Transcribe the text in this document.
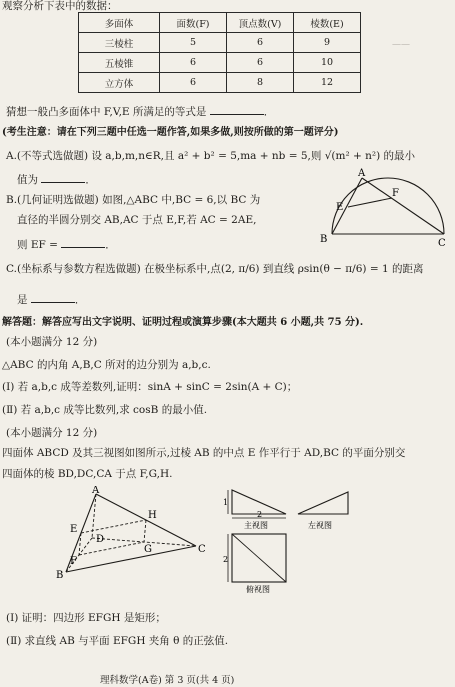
——
观察分析下表中的数据：
多面体	面数(F)	顶点数(V)	棱数(E)
三棱柱	5	6	9
五棱锥	6	6	10
立方体	6	8	12
猜想一般凸多面体中 F,V,E 所满足的等式是	．
(考生注意：请在下列三题中任选一题作答,如果多做,则按所做的第一题评分)
A.(不等式选做题) 设 a,b,m,n∈R,且 a² + b² = 5,ma + nb = 5,则 √(m² + n²) 的最小
值为	．
B.(几何证明选做题) 如图,△ABC 中,BC = 6,以 BC 为
直径的半圆分别交 AB,AC 于点 E,F,若 AC = 2AE,
则 EF =	．
A
B	C
E
F
C.(坐标系与参数方程选做题) 在极坐标系中,点(2, π/6) 到直线 ρsin(θ − π/6) = 1 的距离
是	．
解答题：解答应写出文字说明、证明过程或演算步骤(本大题共 6 小题,共 75 分).
(本小题满分 12 分)
△ABC 的内角 A,B,C 所对的边分别为 a,b,c.
(Ⅰ) 若 a,b,c 成等差数列,证明：sinA + sinC = 2sin(A + C)；
(Ⅱ) 若 a,b,c 成等比数列,求 cosB 的最小值.
(本小题满分 12 分)
四面体 ABCD 及其三视图如图所示,过棱 AB 的中点 E 作平行于 AD,BC 的平面分别交
四面体的棱 BD,DC,CA 于点 F,G,H.
A
B
C
D
E
F
G
H
1
2
主视图	左视图
2
俯视图
(Ⅰ) 证明：四边形 EFGH 是矩形；
(Ⅱ) 求直线 AB 与平面 EFGH 夹角 θ 的正弦值.
理科数学(A卷) 第 3 页(共 4 页)
